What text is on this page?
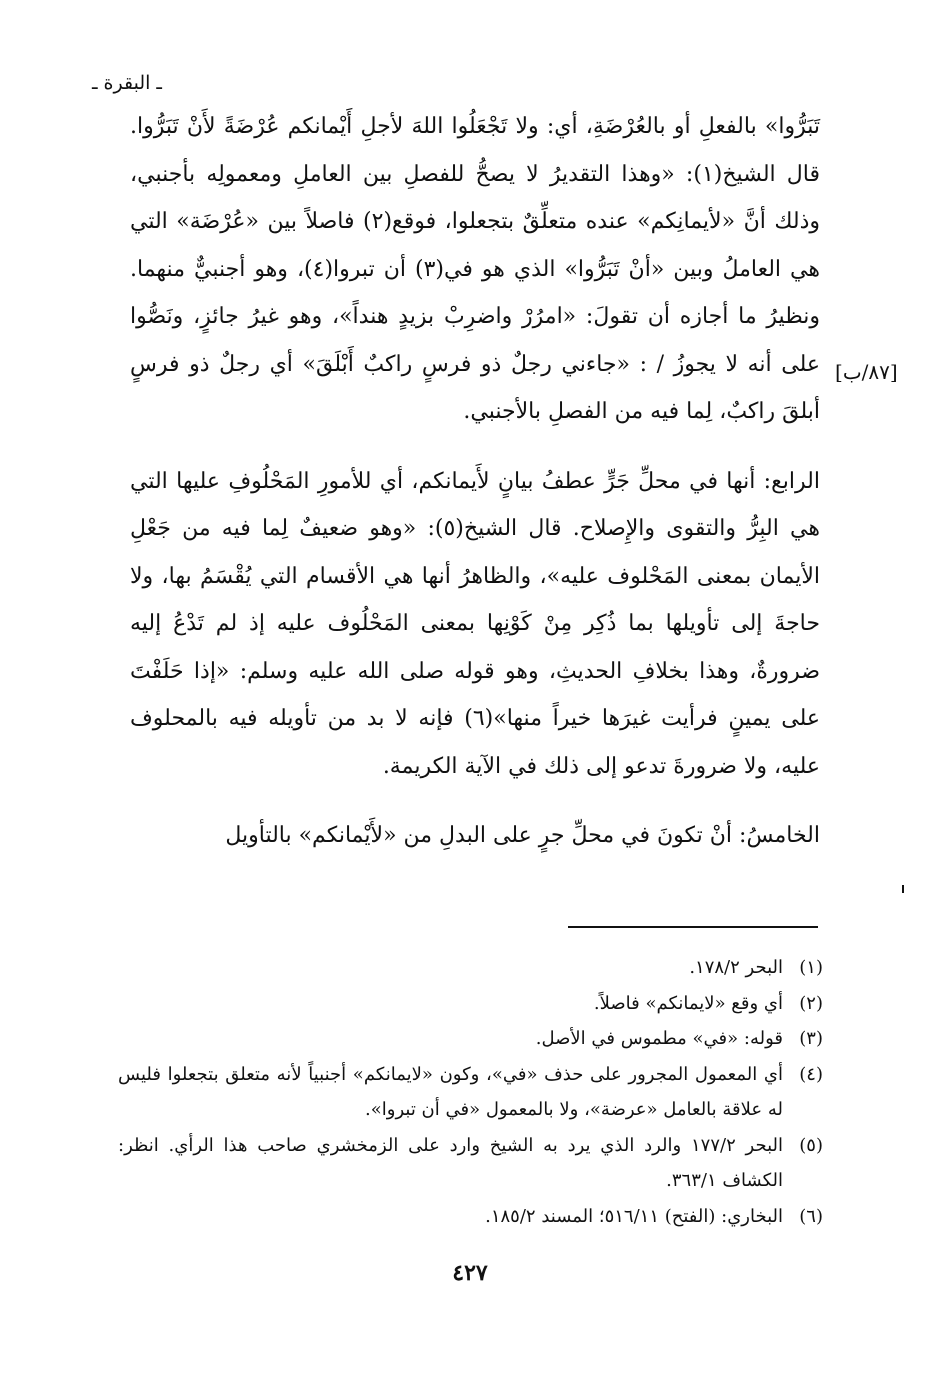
ـ البقرة ـ
[٨٧/ب]

تَبَرُّوا» بالفعلِ أو بالعُرْضَةِ، أي: ولا تَجْعَلُوا اللهَ لأجلِ أَيْمانكم عُرْضَةً لأَنْ تَبَرُّوا. قال الشيخ(١): «وهذا التقديرُ لا يصحُّ للفصلِ بين العاملِ ومعمولِه بأجنبي، وذلك أنَّ «لأيمانِكم» عنده متعلِّقٌ بتجعلوا، فوقع(٢) فاصلاً بين «عُرْضَة» التي هي العاملُ وبين «أنْ تَبَرُّوا» الذي هو في(٣) أن تبروا(٤)، وهو أجنبيٌّ منهما. ونظيرُ ما أجازه أن تقولَ: «امرُرْ واضرِبْ بزيدٍ هنداً»، وهو غيرُ جائزٍ، ونَصُّوا على أنه لا يجوزُ / : «جاءني رجلٌ ذو فرسٍ راكبٌ أَبْلَقَ» أي رجلٌ ذو فرسٍ أبلقَ راكبٌ، لِما فيه من الفصلِ بالأجنبي.

الرابع: أنها في محلِّ جَرٍّ عطفُ بيانٍ لأَيمانكم، أي للأمورِ المَحْلُوفِ عليها التي هي البِرُّ والتقوى والإِصلاح. قال الشيخ(٥): «وهو ضعيفٌ لِما فيه من جَعْلِ الأيمان بمعنى المَحْلوف عليه»، والظاهرُ أنها هي الأقسام التي يُقْسَمُ بها، ولا حاجةَ إلى تأويلها بما ذُكِر مِنْ كَوْنِها بمعنى المَحْلُوف عليه إذ لم تَدْعُ إليه ضرورةٌ، وهذا بخلافِ الحديثِ، وهو قوله صلى الله عليه وسلم: «إذا حَلَفْتَ على يمينٍ فرأيت غيرَها خيراً منها»(٦) فإنه لا بد من تأويله فيه بالمحلوف عليه، ولا ضرورةَ تدعو إلى ذلك في الآية الكريمة.

الخامسُ: أنْ تكونَ في محلِّ جرٍ على البدلِ من «لأَيْمانكم» بالتأويل

(١)
البحر ١٧٨/٢.
(٢)
أي وقع «لايمانكم» فاصلاً.
(٣)
قوله: «في» مطموس في الأصل.
(٤)
أي المعمول المجرور على حذف «في»، وكون «لايمانكم» أجنبياً لأنه متعلق بتجعلوا فليس له علاقة بالعامل «عرضة»، ولا بالمعمول «في أن تبروا».
(٥)
البحر ١٧٧/٢ والرد الذي يرد به الشيخ وارد على الزمخشري صاحب هذا الرأي. انظر: الكشاف ٣٦٣/١.
(٦)
البخاري: (الفتح) ٥١٦/١١؛ المسند ١٨٥/٢.
٤٢٧
